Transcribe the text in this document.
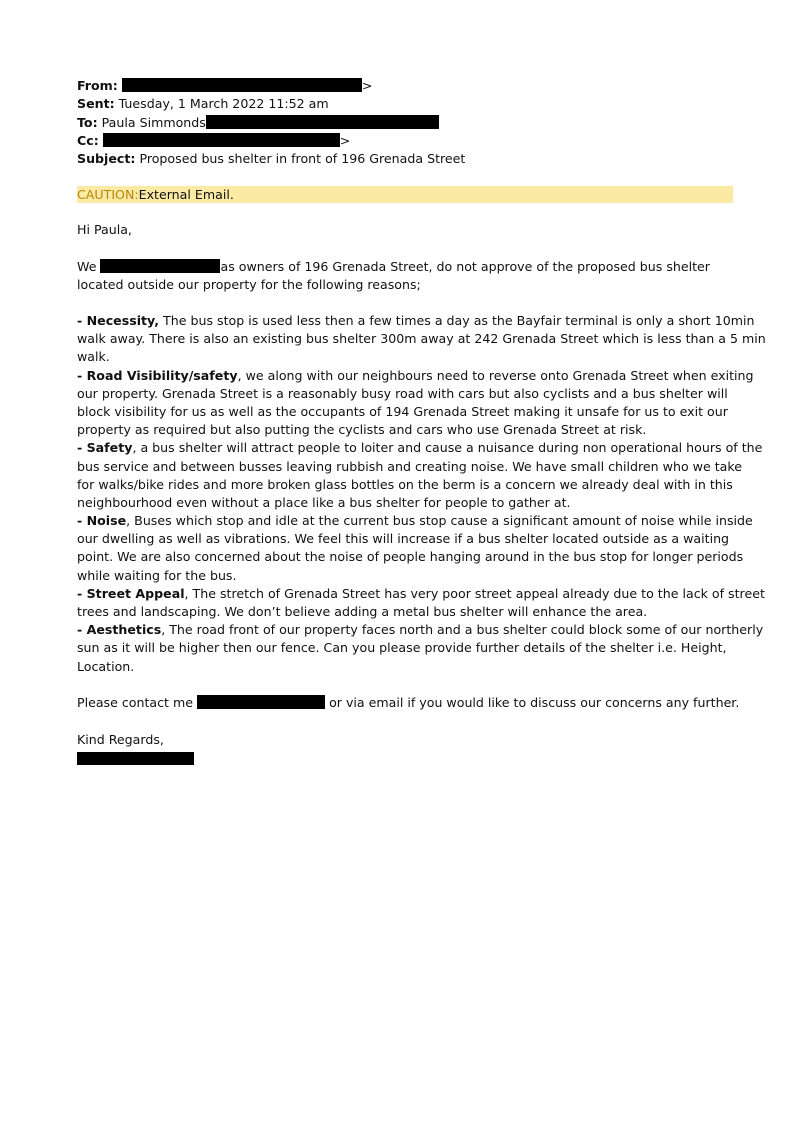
From:	>
Sent: Tuesday, 1 March 2022 11:52 am
To: Paula Simmonds
Cc:	>
Subject: Proposed bus shelter in front of 196 Grenada Street
CAUTION:External Email.
Hi Paula,
We	as owners of 196 Grenada Street, do not approve of the proposed bus shelter
located outside our property for the following reasons;
- Necessity, The bus stop is used less then a few times a day as the Bayfair terminal is only a short 10min
walk away. There is also an existing bus shelter 300m away at 242 Grenada Street which is less than a 5 min
walk.
- Road Visibility/safety, we along with our neighbours need to reverse onto Grenada Street when exiting
our property. Grenada Street is a reasonably busy road with cars but also cyclists and a bus shelter will
block visibility for us as well as the occupants of 194 Grenada Street making it unsafe for us to exit our
property as required but also putting the cyclists and cars who use Grenada Street at risk.
- Safety, a bus shelter will attract people to loiter and cause a nuisance during non operational hours of the
bus service and between busses leaving rubbish and creating noise. We have small children who we take
for walks/bike rides and more broken glass bottles on the berm is a concern we already deal with in this
neighbourhood even without a place like a bus shelter for people to gather at.
- Noise, Buses which stop and idle at the current bus stop cause a significant amount of noise while inside
our dwelling as well as vibrations. We feel this will increase if a bus shelter located outside as a waiting
point. We are also concerned about the noise of people hanging around in the bus stop for longer periods
while waiting for the bus.
- Street Appeal, The stretch of Grenada Street has very poor street appeal already due to the lack of street
trees and landscaping. We don’t believe adding a metal bus shelter will enhance the area.
- Aesthetics, The road front of our property faces north and a bus shelter could block some of our northerly
sun as it will be higher then our fence. Can you please provide further details of the shelter i.e. Height,
Location.
Please contact me	or via email if you would like to discuss our concerns any further.
Kind Regards,
